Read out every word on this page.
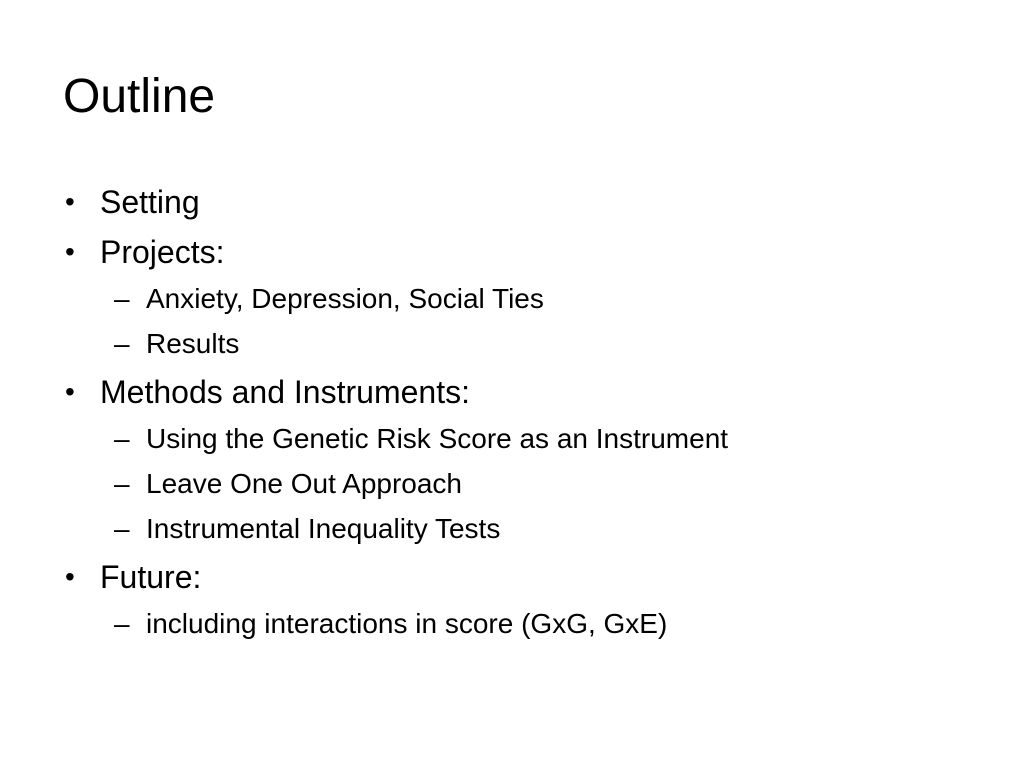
Outline
• Setting
• Projects:
– Anxiety, Depression, Social Ties
– Results
• Methods and Instruments:
– Using the Genetic Risk Score as an Instrument
– Leave One Out Approach
– Instrumental Inequality Tests
• Future:
– including interactions in score (GxG, GxE)
